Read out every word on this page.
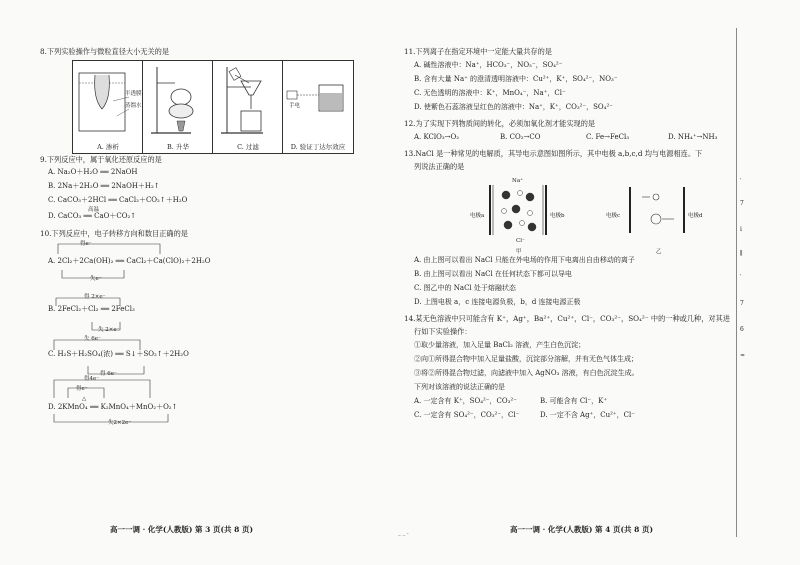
8.下列实验操作与微粒直径大小无关的是
半透膜
蒸馏水
A. 渗析	B. 升华	C. 过滤
手电
D. 验证丁达尔效应
9.下列反应中，属于氧化还原反应的是
A. Na₂O＋H₂O ══ 2NaOH
B. 2Na＋2H₂O ══ 2NaOH＋H₂↑
C. CaCO₃＋2HCl ══ CaCl₂＋CO₂↑＋H₂O
高温
D. CaCO₃ ══ CaO＋CO₂↑
10.下列反应中，电子转移方向和数目正确的是
得e⁻
A. 2Cl₂＋2Ca(OH)₂ ══ CaCl₂＋Ca(ClO)₂＋2H₂O
失e⁻
得 2×e⁻
B. 2FeCl₂＋Cl₂ ══ 2FeCl₃
失 2×e⁻
失 6e⁻
C. H₂S＋H₂SO₄(浓) ══ S↓＋SO₂↑＋2H₂O
得 6e⁻
得4e⁻
得e⁻
△
D. 2KMnO₄ ══ K₂MnO₄＋MnO₂＋O₂↑
失2×2e⁻
高一一调 · 化学(人教版) 第 3 页(共 8 页)	_ _ .
11.下列离子在指定环境中一定能大量共存的是
A. 碱性溶液中：Na⁺，HCO₃⁻，NO₃⁻，SO₄²⁻
B. 含有大量 Na⁺ 的澄清透明溶液中：Cu²⁺，K⁺，SO₄²⁻，NO₃⁻
C. 无色透明的溶液中：K⁺，MnO₄⁻，Na⁺，Cl⁻
D. 使紫色石蕊溶液呈红色的溶液中：Na⁺，K⁺，CO₃²⁻，SO₄²⁻
12.为了实现下列物质间的转化，必须加氧化剂才能实现的是
A. KClO₃→O₂	B. CO₂→CO	C. Fe→FeCl₃	D. NH₄⁺→NH₃
13.NaCl 是一种常见的电解质，其导电示意图如图所示，其中电极 a,b,c,d 均与电源相连。下
列说法正确的是
Na⁺
Cl⁻
电极a	电极b	电极c	电极d
甲	乙
A. 由上图可以看出 NaCl 只能在外电场的作用下电离出自由移动的离子
B. 由上图可以看出 NaCl 在任何状态下都可以导电
C. 图乙中的 NaCl 处于熔融状态
D. 上图电极 a，c 连接电源负极，b，d 连接电源正极
14.某无色溶液中只可能含有 K⁺，Ag⁺，Ba²⁺，Cu²⁺，Cl⁻，CO₃²⁻，SO₄²⁻ 中的一种或几种，对其进
行如下实验操作：
①取少量溶液，加入足量 BaCl₂ 溶液，产生白色沉淀；
②向①所得混合物中加入足量盐酸，沉淀部分溶解，并有无色气体生成；
③将②所得混合物过滤，向滤液中加入 AgNO₃ 溶液，有白色沉淀生成。
下列对该溶液的说法正确的是
A. 一定含有 K⁺，SO₄²⁻，CO₃²⁻	B. 可能含有 Cl⁻，K⁺
C. 一定含有 SO₄²⁻，CO₃²⁻，Cl⁻	D. 一定不含 Ag⁺，Cu²⁺，Cl⁻
高一一调 · 化学(人教版) 第 4 页(共 8 页)
′
7
i
∥
′
7
6
≈
